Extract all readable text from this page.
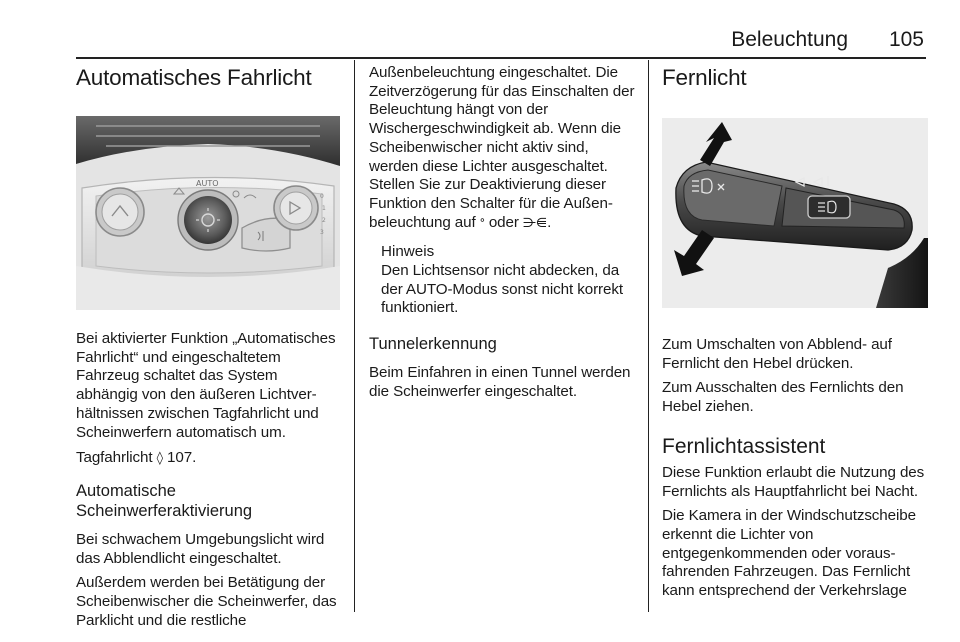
Beleuchtung 105
Automatisches Fahrlicht
AUTO
0
1
2
3

Bei aktivierter Funktion „Automatisches Fahrlicht“ und eingeschaltetem Fahrzeug schaltet das System abhängig von den äußeren Lichtverhältnissen zwischen Tagfahrlicht und Scheinwerfern automatisch um.

Tagfahrlicht ◊ 107.

Automatische Scheinwerferaktivierung

Bei schwachem Umgebungslicht wird das Abblendlicht eingeschaltet.

Außerdem werden bei Betätigung der Scheibenwischer die Scheinwerfer, das Parklicht und die restliche

Außenbeleuchtung eingeschaltet. Die Zeitverzögerung für das Einschalten der Beleuchtung hängt von der Wischergeschwindigkeit ab. Wenn die Scheibenwischer nicht aktiv sind, werden diese Lichter ausgeschaltet. Stellen Sie zur Deaktivierung dieser Funktion den Schalter für die Außenbeleuchtung auf ᐤ oder ⋺⋹.

Hinweis

Den Lichtsensor nicht abdecken, da der AUTO-Modus sonst nicht korrekt funktioniert.

Tunnelerkennung

Beim Einfahren in einen Tunnel werden die Scheinwerfer eingeschaltet.

Fernlicht

Zum Umschalten von Abblend- auf Fernlicht den Hebel drücken.

Zum Ausschalten des Fernlichts den Hebel ziehen.

Fernlichtassistent

Diese Funktion erlaubt die Nutzung des Fernlichts als Hauptfahrlicht bei Nacht.

Die Kamera in der Windschutzscheibe erkennt die Lichter von entgegenkommenden oder vorausfahrenden Fahrzeugen. Das Fernlicht kann entsprechend der Verkehrslage
